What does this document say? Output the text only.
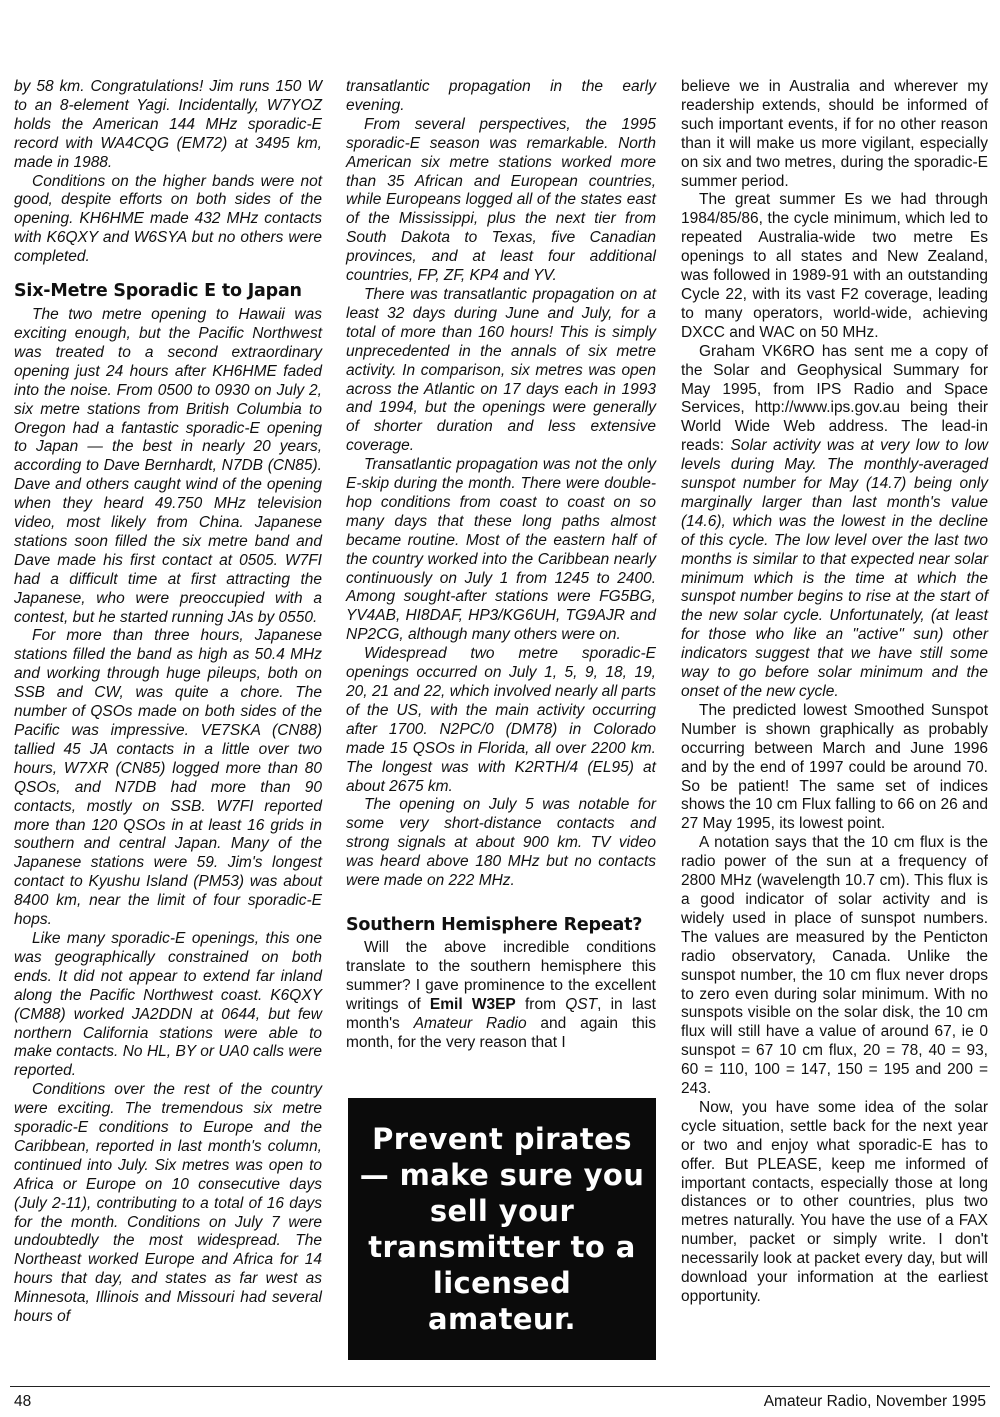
by 58 km. Congratulations! Jim runs 150 W to an 8-element Yagi. Incidentally, W7YOZ holds the American 144 MHz sporadic-E record with WA4CQG (EM72) at 3495 km, made in 1988.

Conditions on the higher bands were not good, despite efforts on both sides of the opening. KH6HME made 432 MHz contacts with K6QXY and W6SYA but no others were completed.

Six-Metre Sporadic E to Japan

The two metre opening to Hawaii was exciting enough, but the Pacific Northwest was treated to a second extraordinary opening just 24 hours after KH6HME faded into the noise. From 0500 to 0930 on July 2, six metre stations from British Columbia to Oregon had a fantastic sporadic-E opening to Japan — the best in nearly 20 years, according to Dave Bernhardt, N7DB (CN85). Dave and others caught wind of the opening when they heard 49.750 MHz television video, most likely from China. Japanese stations soon filled the six metre band and Dave made his first contact at 0505. W7FI had a difficult time at first attracting the Japanese, who were preoccupied with a contest, but he started running JAs by 0550.

For more than three hours, Japanese stations filled the band as high as 50.4 MHz and working through huge pileups, both on SSB and CW, was quite a chore. The number of QSOs made on both sides of the Pacific was impressive. VE7SKA (CN88) tallied 45 JA contacts in a little over two hours, W7XR (CN85) logged more than 80 QSOs, and N7DB had more than 90 contacts, mostly on SSB. W7FI reported more than 120 QSOs in at least 16 grids in southern and central Japan. Many of the Japanese stations were 59. Jim's longest contact to Kyushu Island (PM53) was about 8400 km, near the limit of four sporadic-E hops.

Like many sporadic-E openings, this one was geographically constrained on both ends. It did not appear to extend far inland along the Pacific Northwest coast. K6QXY (CM88) worked JA2DDN at 0644, but few northern California stations were able to make contacts. No HL, BY or UA0 calls were reported.

Conditions over the rest of the country were exciting. The tremendous six metre sporadic-E conditions to Europe and the Caribbean, reported in last month's column, continued into July. Six metres was open to Africa or Europe on 10 consecutive days (July 2-11), contributing to a total of 16 days for the month. Conditions on July 7 were undoubtedly the most widespread. The Northeast worked Europe and Africa for 14 hours that day, and states as far west as Minnesota, Illinois and Missouri had several hours of

transatlantic propagation in the early evening.

From several perspectives, the 1995 sporadic-E season was remarkable. North American six metre stations worked more than 35 African and European countries, while Europeans logged all of the states east of the Mississippi, plus the next tier from South Dakota to Texas, five Canadian provinces, and at least four additional countries, FP, ZF, KP4 and YV.

There was transatlantic propagation on at least 32 days during June and July, for a total of more than 160 hours! This is simply unprecedented in the annals of six metre activity. In comparison, six metres was open across the Atlantic on 17 days each in 1993 and 1994, but the openings were generally of shorter duration and less extensive coverage.

Transatlantic propagation was not the only E-skip during the month. There were double-hop conditions from coast to coast on so many days that these long paths almost became routine. Most of the eastern half of the country worked into the Caribbean nearly continuously on July 1 from 1245 to 2400. Among sought-after stations were FG5BG, YV4AB, HI8DAF, HP3/KG6UH, TG9AJR and NP2CG, although many others were on.

Widespread two metre sporadic-E openings occurred on July 1, 5, 9, 18, 19, 20, 21 and 22, which involved nearly all parts of the US, with the main activity occurring after 1700. N2PC/0 (DM78) in Colorado made 15 QSOs in Florida, all over 2200 km. The longest was with K2RTH/4 (EL95) at about 2675 km.

The opening on July 5 was notable for some very short-distance contacts and strong signals at about 900 km. TV video was heard above 180 MHz but no contacts were made on 222 MHz.

Southern Hemisphere Repeat?

Will the above incredible conditions translate to the southern hemisphere this summer? I gave prominence to the excellent writings of Emil W3EP from QST, in last month's Amateur Radio and again this month, for the very reason that I

Prevent pirates — make sure you sell your transmitter to a licensed amateur.

believe we in Australia and wherever my readership extends, should be informed of such important events, if for no other reason than it will make us more vigilant, especially on six and two metres, during the sporadic-E summer period.

The great summer Es we had through 1984/85/86, the cycle minimum, which led to repeated Australia-wide two metre Es openings to all states and New Zealand, was followed in 1989-91 with an outstanding Cycle 22, with its vast F2 coverage, leading to many operators, world-wide, achieving DXCC and WAC on 50 MHz.

Graham VK6RO has sent me a copy of the Solar and Geophysical Summary for May 1995, from IPS Radio and Space Services, http://www.ips.gov.au being their World Wide Web address. The lead-in reads: Solar activity was at very low to low levels during May. The monthly-averaged sunspot number for May (14.7) being only marginally larger than last month's value (14.6), which was the lowest in the decline of this cycle. The low level over the last two months is similar to that expected near solar minimum which is the time at which the sunspot number begins to rise at the start of the new solar cycle. Unfortunately, (at least for those who like an "active" sun) other indicators suggest that we have still some way to go before solar minimum and the onset of the new cycle.

The predicted lowest Smoothed Sunspot Number is shown graphically as probably occurring between March and June 1996 and by the end of 1997 could be around 70. So be patient! The same set of indices shows the 10 cm Flux falling to 66 on 26 and 27 May 1995, its lowest point.

A notation says that the 10 cm flux is the radio power of the sun at a frequency of 2800 MHz (wavelength 10.7 cm). This flux is a good indicator of solar activity and is widely used in place of sunspot numbers. The values are measured by the Penticton radio observatory, Canada. Unlike the sunspot number, the 10 cm flux never drops to zero even during solar minimum. With no sunspots visible on the solar disk, the 10 cm flux will still have a value of around 67, ie 0 sunspot = 67 10 cm flux, 20 = 78, 40 = 93, 60 = 110, 100 = 147, 150 = 195 and 200 = 243.

Now, you have some idea of the solar cycle situation, settle back for the next year or two and enjoy what sporadic-E has to offer. But PLEASE, keep me informed of important contacts, especially those at long distances or to other countries, plus two metres naturally. You have the use of a FAX number, packet or simply write. I don't necessarily look at packet every day, but will download your information at the earliest opportunity.

48	Amateur Radio, November 1995
